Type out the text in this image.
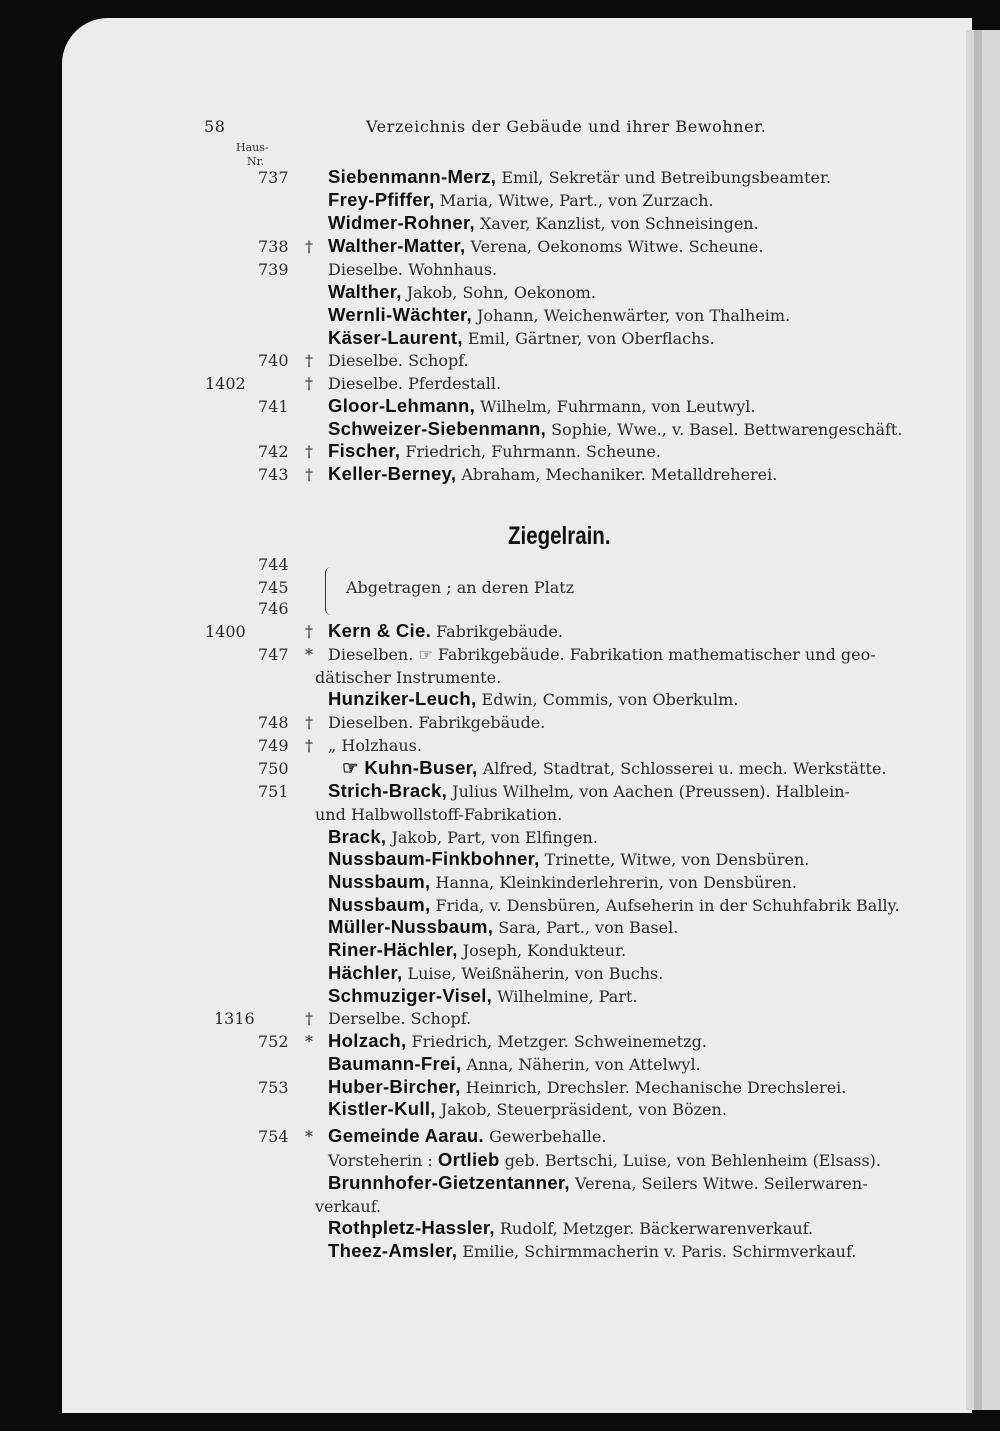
58	Verzeichnis der Gebäude und ihrer Bewohner.
Haus-
Nr.
Ziegelrain.
737 Siebenmann-Merz, Emil, Sekretär und Betreibungsbeamter.
Frey-Pfiffer, Maria, Witwe, Part., von Zurzach.
Widmer-Rohner, Xaver, Kanzlist, von Schneisingen.
738 † Walther-Matter, Verena, Oekonoms Witwe. Scheune.
739 Dieselbe. Wohnhaus.
Walther, Jakob, Sohn, Oekonom.
Wernli-Wächter, Johann, Weichenwärter, von Thalheim.
Käser-Laurent, Emil, Gärtner, von Oberflachs.
740 † Dieselbe. Schopf.
1402	† Dieselbe. Pferdestall.
741 Gloor-Lehmann, Wilhelm, Fuhrmann, von Leutwyl.
Schweizer-Siebenmann, Sophie, Wwe., v. Basel. Bettwarengeschäft.
742 † Fischer, Friedrich, Fuhrmann. Scheune.
743 † Keller-Berney, Abraham, Mechaniker. Metalldreherei.
744
745	Abgetragen ; an deren Platz
746
1400	† Kern & Cie. Fabrikgebäude.
747 * Dieselben. ☞ Fabrikgebäude. Fabrikation mathematischer und geo-
dätischer Instrumente.
Hunziker-Leuch, Edwin, Commis, von Oberkulm.
748 † Dieselben. Fabrikgebäude.
749 † „ Holzhaus.
750	☞ Kuhn-Buser, Alfred, Stadtrat, Schlosserei u. mech. Werkstätte.
751 Strich-Brack, Julius Wilhelm, von Aachen (Preussen). Halblein-
und Halbwollstoff-Fabrikation.
Brack, Jakob, Part, von Elfingen.
Nussbaum-Finkbohner, Trinette, Witwe, von Densbüren.
Nussbaum, Hanna, Kleinkinderlehrerin, von Densbüren.
Nussbaum, Frida, v. Densbüren, Aufseherin in der Schuhfabrik Bally.
Müller-Nussbaum, Sara, Part., von Basel.
Riner-Hächler, Joseph, Kondukteur.
Hächler, Luise, Weißnäherin, von Buchs.
Schmuziger-Visel, Wilhelmine, Part.
1316	† Derselbe. Schopf.
752 * Holzach, Friedrich, Metzger. Schweinemetzg.
Baumann-Frei, Anna, Näherin, von Attelwyl.
753 Huber-Bircher, Heinrich, Drechsler. Mechanische Drechslerei.
Kistler-Kull, Jakob, Steuerpräsident, von Bözen.
754 * Gemeinde Aarau. Gewerbehalle.
Vorsteherin : Ortlieb geb. Bertschi, Luise, von Behlenheim (Elsass).
Brunnhofer-Gietzentanner, Verena, Seilers Witwe. Seilerwaren-
verkauf.
Rothpletz-Hassler, Rudolf, Metzger. Bäckerwarenverkauf.
Theez-Amsler, Emilie, Schirmmacherin v. Paris. Schirmverkauf.
